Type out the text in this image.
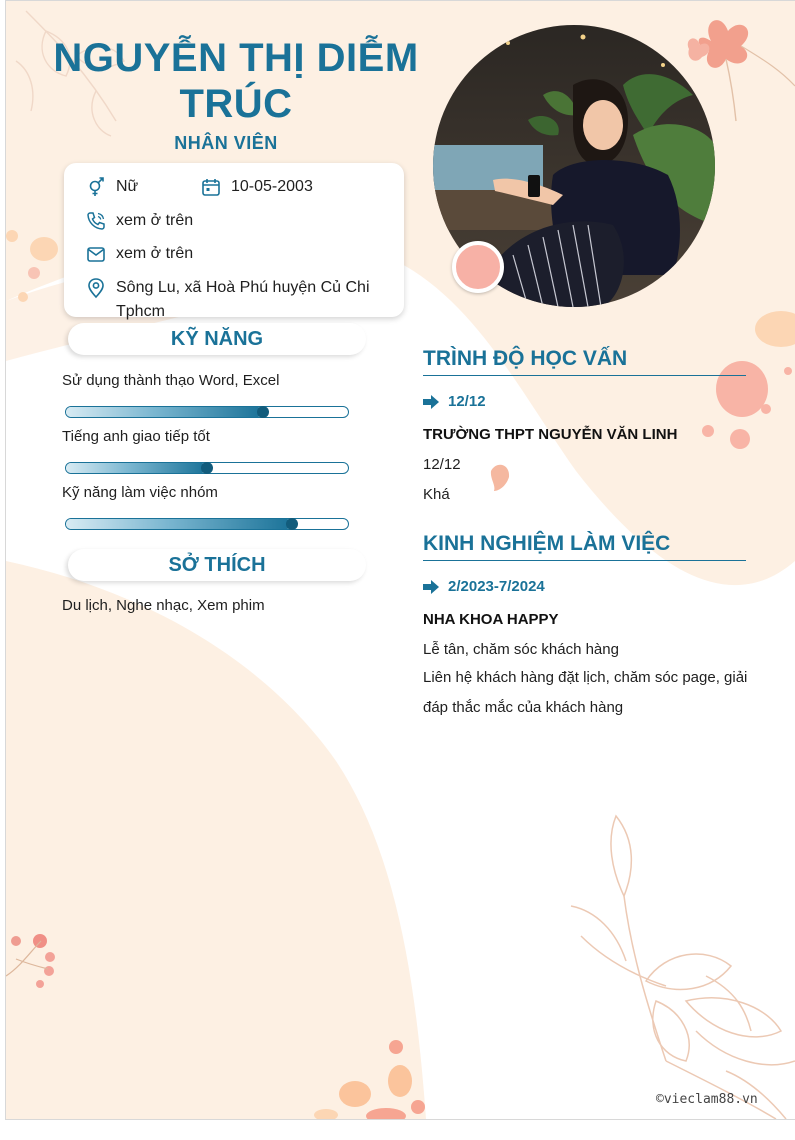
NGUYỄN THỊ DIỄM TRÚC
NHÂN VIÊN
Nữ	10-05-2003
xem ở trên
xem ở trên
Sông Lu, xã Hoà Phú huyện Củ Chi Tphcm
KỸ NĂNG
Sử dụng thành thạo Word, Excel
Tiếng anh giao tiếp tốt
Kỹ năng làm việc nhóm
SỞ THÍCH
Du lịch, Nghe nhạc, Xem phim
TRÌNH ĐỘ HỌC VẤN
12/12
TRƯỜNG THPT NGUYỄN VĂN LINH
12/12
Khá
KINH NGHIỆM LÀM VIỆC
2/2023-7/2024
NHA KHOA HAPPY
Lễ tân, chăm sóc khách hàng
Liên hệ khách hàng đặt lịch, chăm sóc page, giải đáp thắc mắc của khách hàng
©vieclam88.vn
